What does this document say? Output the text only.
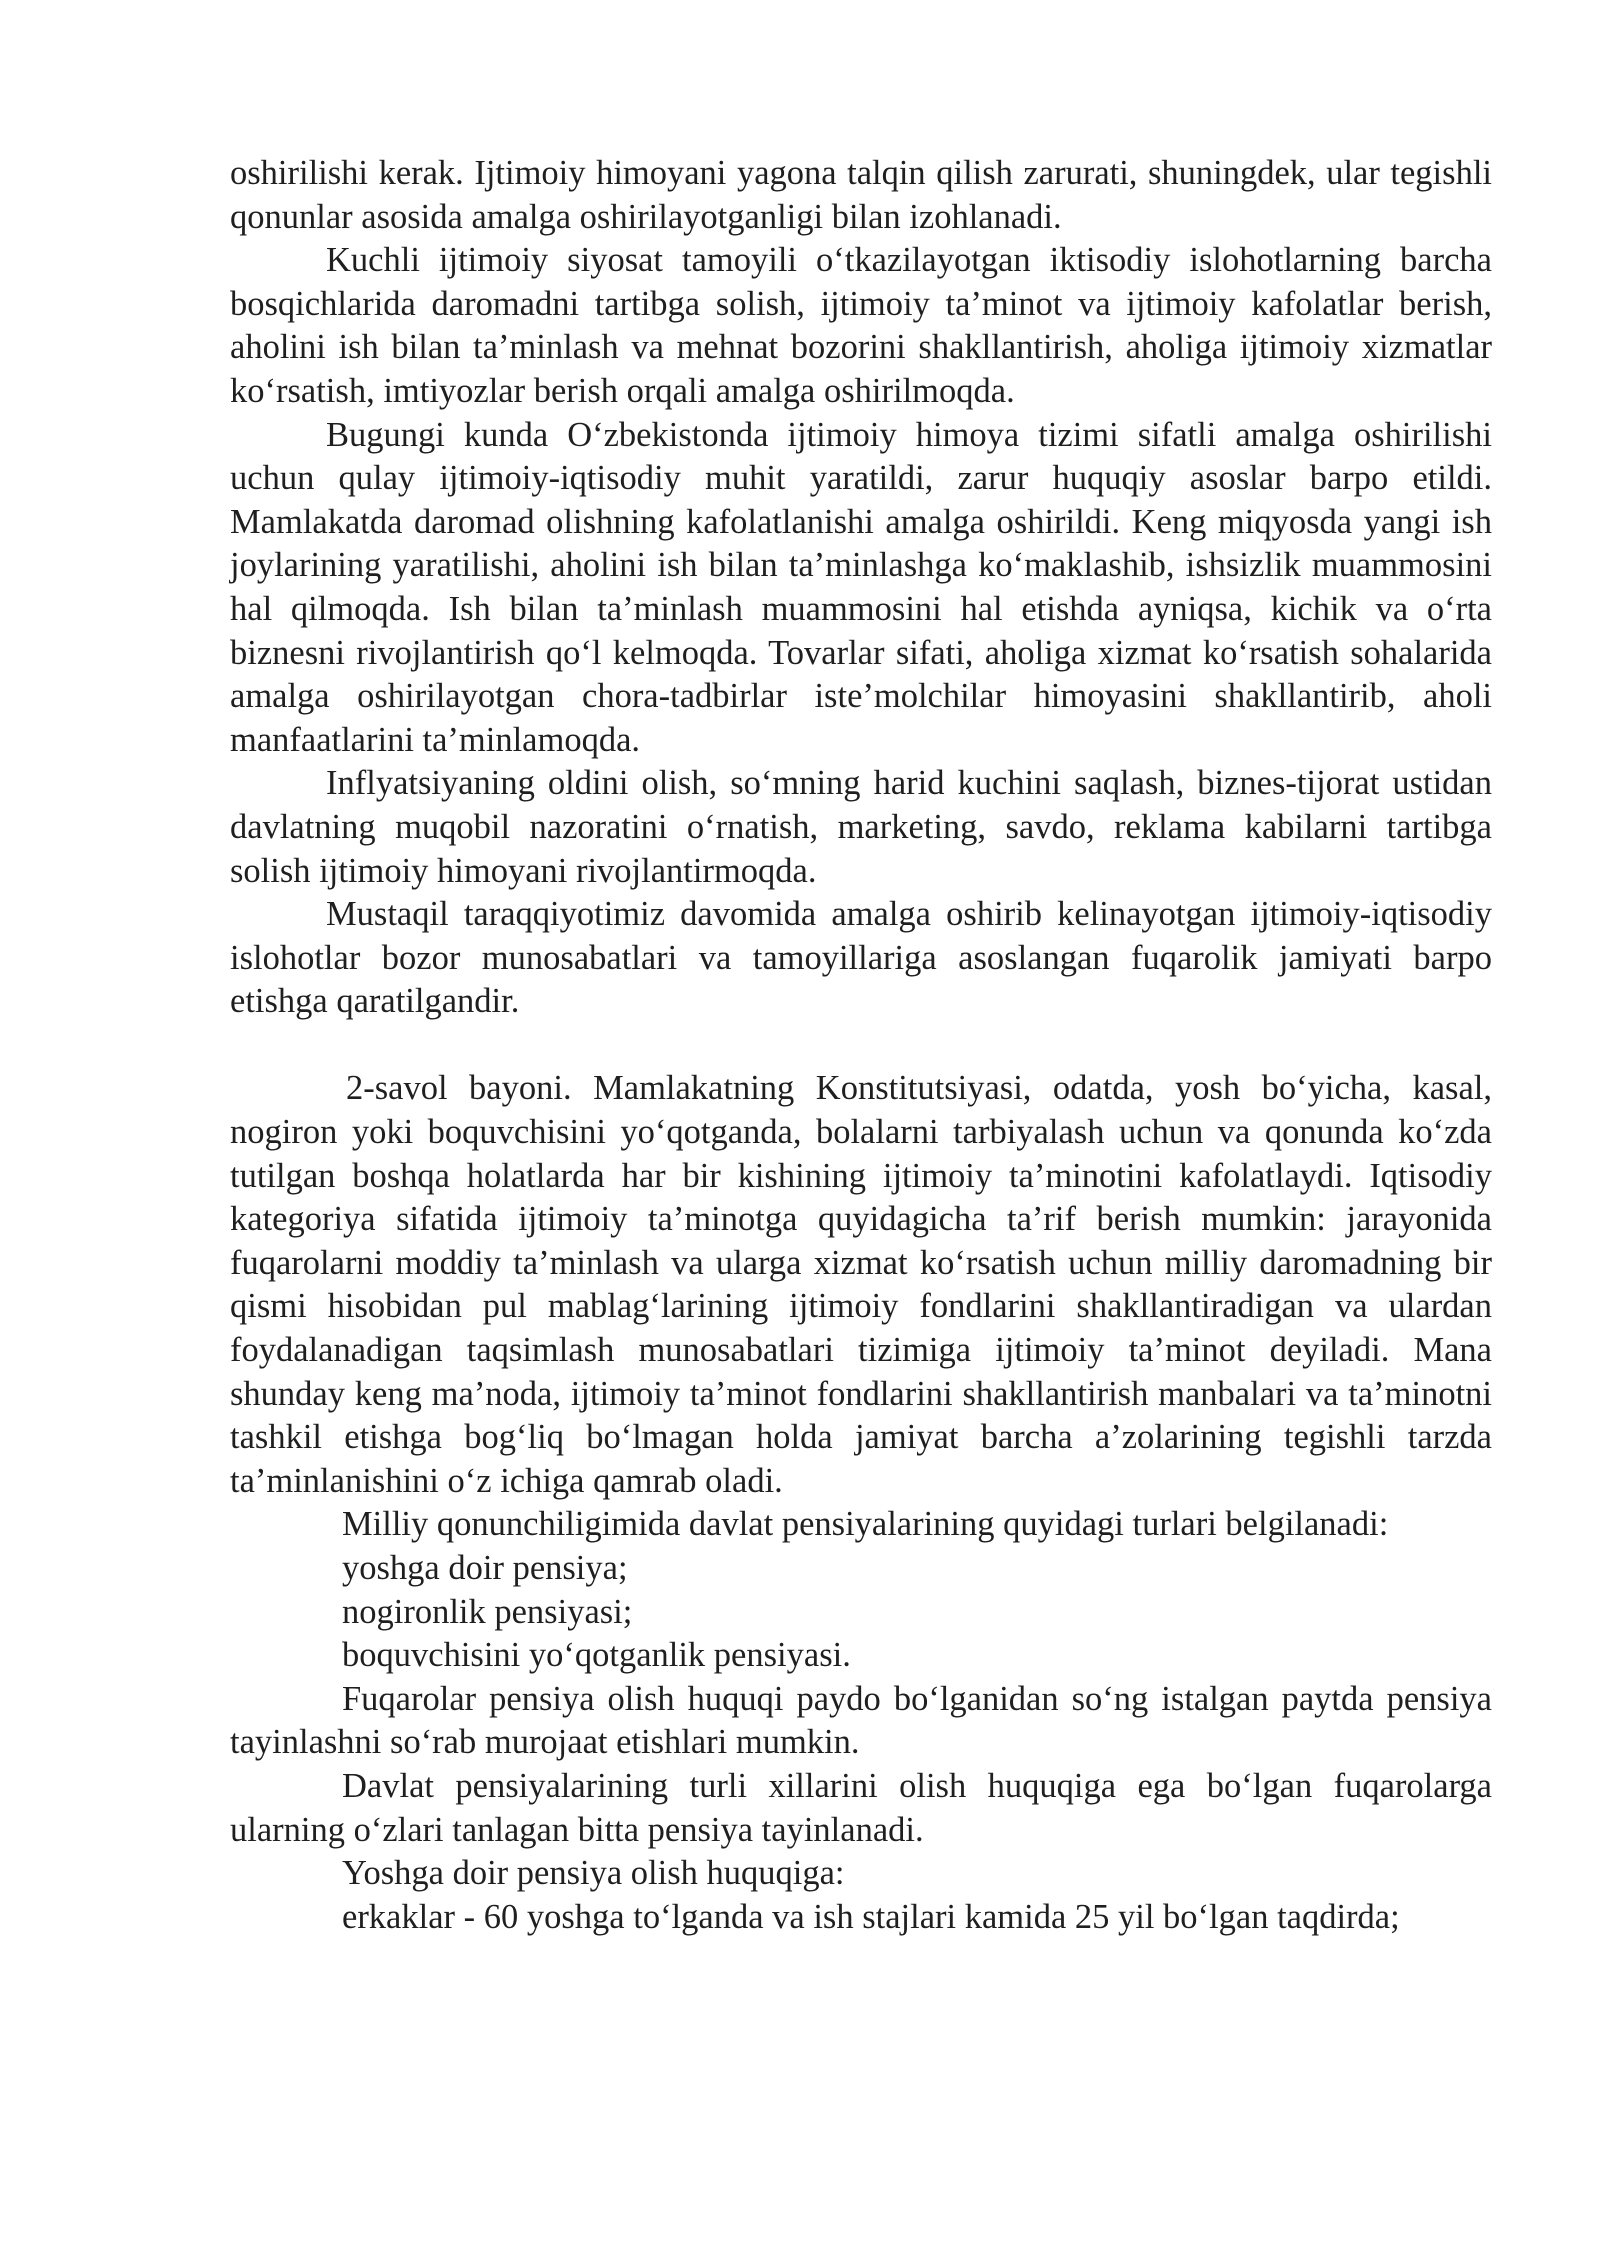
oshirilishi kerak. Ijtimoiy himoyani yagona talqin qilish zarurati, shuningdek, ular tegishli qonunlar asosida amalga oshirilayotganligi bilan izohlanadi.

Kuchli ijtimoiy siyosat tamoyili o‘tkazilayotgan iktisodiy islohotlarning barcha bosqichlarida daromadni tartibga solish, ijtimoiy ta’minot va ijtimoiy kafolatlar berish, aholini ish bilan ta’minlash va mehnat bozorini shakllantirish, aholiga ijtimoiy xizmatlar ko‘rsatish, imtiyozlar berish orqali amalga oshirilmoqda.

Bugungi kunda O‘zbekistonda ijtimoiy himoya tizimi sifatli amalga oshirilishi uchun qulay ijtimoiy-iqtisodiy muhit yaratildi, zarur huquqiy asoslar barpo etildi. Mamlakatda daromad olishning kafolatlanishi amalga oshirildi. Keng miqyosda yangi ish joylarining yaratilishi, aholini ish bilan ta’minlashga ko‘maklashib, ishsizlik muammosini hal qilmoqda. Ish bilan ta’minlash muammosini hal etishda ayniqsa, kichik va o‘rta biznesni rivojlantirish qo‘l kelmoqda. Tovarlar sifati, aholiga xizmat ko‘rsatish sohalarida amalga oshirilayotgan chora-tadbirlar iste’molchilar himoyasini shakllantirib, aholi manfaatlarini ta’minlamoqda.

Inflyatsiyaning oldini olish, so‘mning harid kuchini saqlash, biznes-tijorat ustidan davlatning muqobil nazoratini o‘rnatish, marketing, savdo, reklama kabilarni tartibga solish ijtimoiy himoyani rivojlantirmoqda.

Mustaqil taraqqiyotimiz davomida amalga oshirib kelinayotgan ijtimoiy-iqtisodiy islohotlar bozor munosabatlari va tamoyillariga asoslangan fuqarolik jamiyati barpo etishga qaratilgandir.

2-savol bayoni. Mamlakatning Konstitutsiyasi, odatda, yosh bo‘yicha, kasal, nogiron yoki boquvchisini yo‘qotganda, bolalarni tarbiyalash uchun va qonunda ko‘zda tutilgan boshqa holatlarda har bir kishining ijtimoiy ta’minotini kafolatlaydi. Iqtisodiy kategoriya sifatida ijtimoiy ta’minotga quyidagicha ta’rif berish mumkin: jarayonida fuqarolarni moddiy ta’minlash va ularga xizmat ko‘rsatish uchun milliy daromadning bir qismi hisobidan pul mablag‘larining ijtimoiy fondlarini shakllantiradigan va ulardan foydalanadigan taqsimlash munosabatlari tizimiga ijtimoiy ta’minot deyiladi. Mana shunday keng ma’noda, ijtimoiy ta’minot fondlarini shakllantirish manbalari va ta’minotni tashkil etishga bog‘liq bo‘lmagan holda jamiyat barcha a’zolarining tegishli tarzda ta’minlanishini o‘z ichiga qamrab oladi.

Milliy qonunchiligimida davlat pensiyalarining quyidagi turlari belgilanadi:

yoshga doir pensiya;

nogironlik pensiyasi;

boquvchisini yo‘qotganlik pensiyasi.

Fuqarolar pensiya olish huquqi paydo bo‘lganidan so‘ng istalgan paytda pensiya tayinlashni so‘rab murojaat etishlari mumkin.

Davlat pensiyalarining turli xillarini olish huquqiga ega bo‘lgan fuqarolarga ularning o‘zlari tanlagan bitta pensiya tayinlanadi.

Yoshga doir pensiya olish huquqiga:

erkaklar - 60 yoshga to‘lganda va ish stajlari kamida 25 yil bo‘lgan taqdirda;
